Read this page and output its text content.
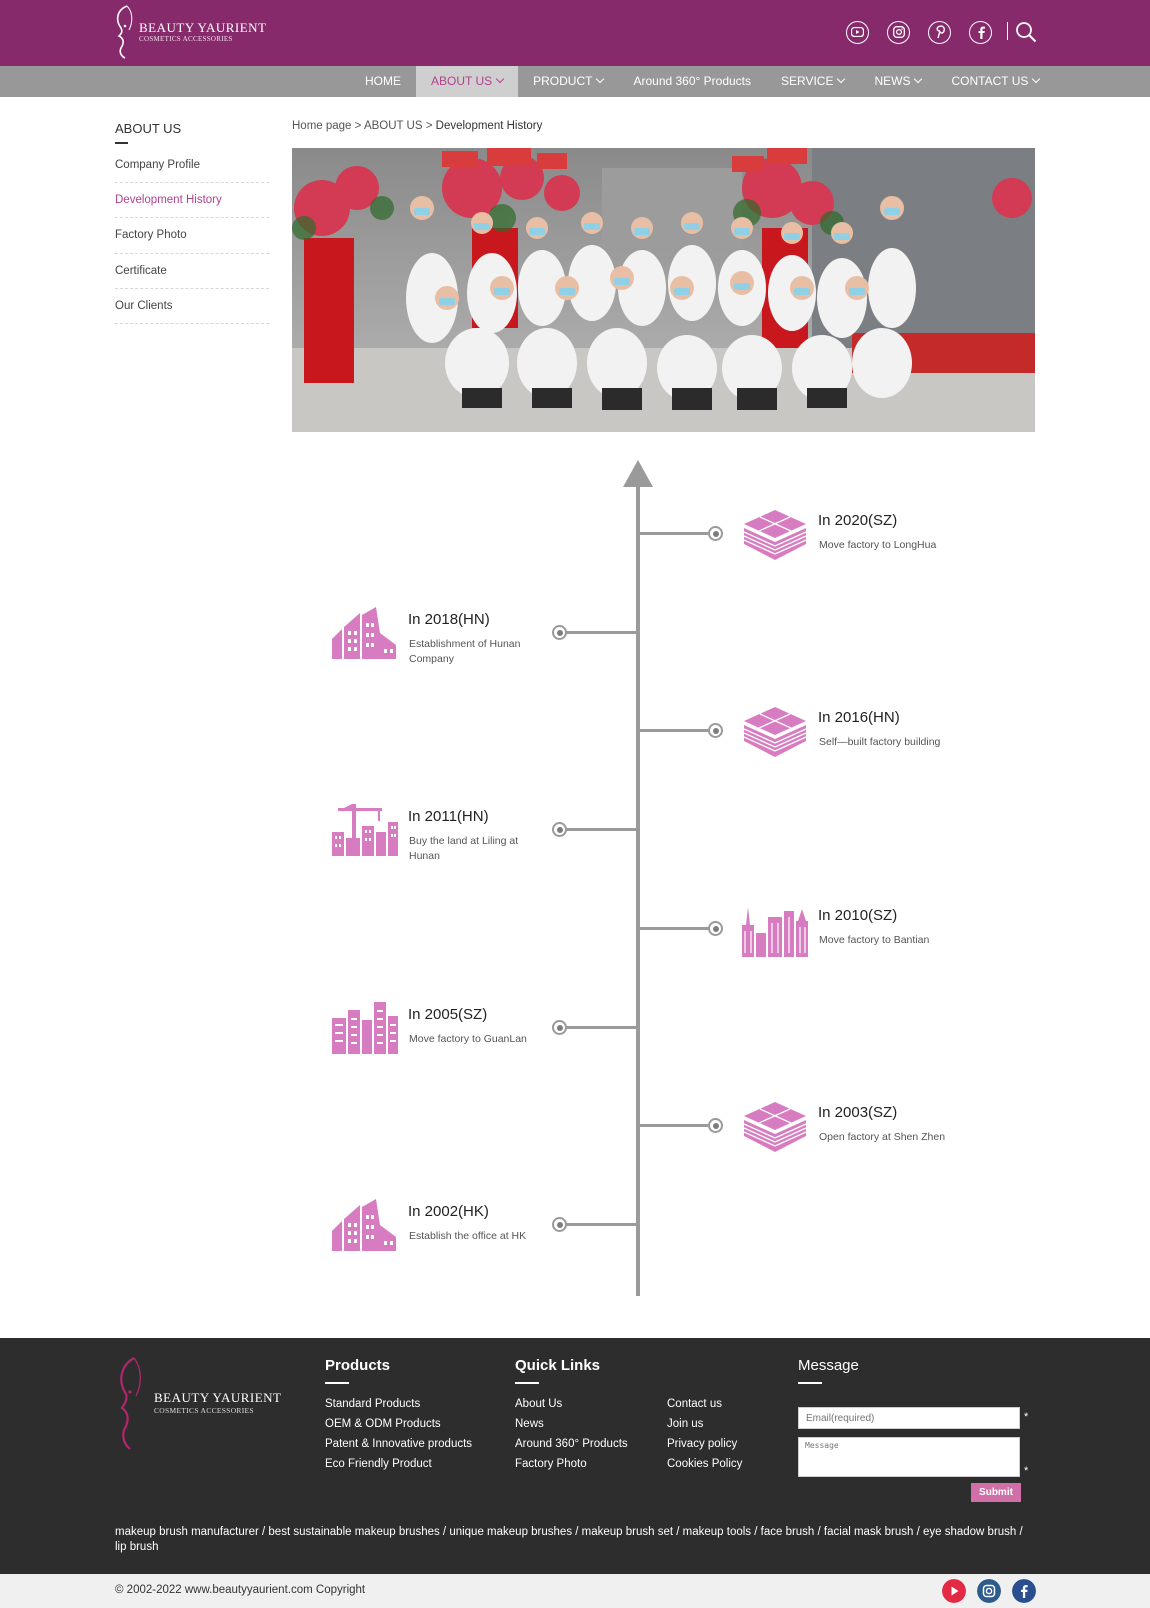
BEAUTY YAURIENT
COSMETICS ACCESSORIES
HOME	ABOUT US	PRODUCT	Around 360° Products	SERVICE	NEWS	CONTACT US
ABOUT US
Company Profile
Development History
Factory Photo
Certificate
Our Clients
Home page > ABOUT US > Development History
In 2020(SZ)
Move factory to LongHua
In 2018(HN)
Establishment of Hunan Company
In 2016(HN)
Self—built factory building
In 2011(HN)
Buy the land at Liling at Hunan
In 2010(SZ)
Move factory to Bantian
In 2005(SZ)
Move factory to GuanLan
In 2003(SZ)
Open factory at Shen Zhen
In 2002(HK)
Establish the office at HK
BEAUTY YAURIENT
COSMETICS ACCESSORIES
Products
Standard Products
OEM & ODM Products
Patent & Innovative products
Eco Friendly Product
Quick Links
About Us
News
Around 360° Products
Factory Photo
Contact us
Join us
Privacy policy
Cookies Policy
Message
Email(required)
*
Message
*
Submit
makeup brush manufacturer / best sustainable makeup brushes / unique makeup brushes / makeup brush set / makeup tools / face brush / facial mask brush / eye shadow brush / lip brush
© 2002-2022 www.beautyyaurient.com Copyright
